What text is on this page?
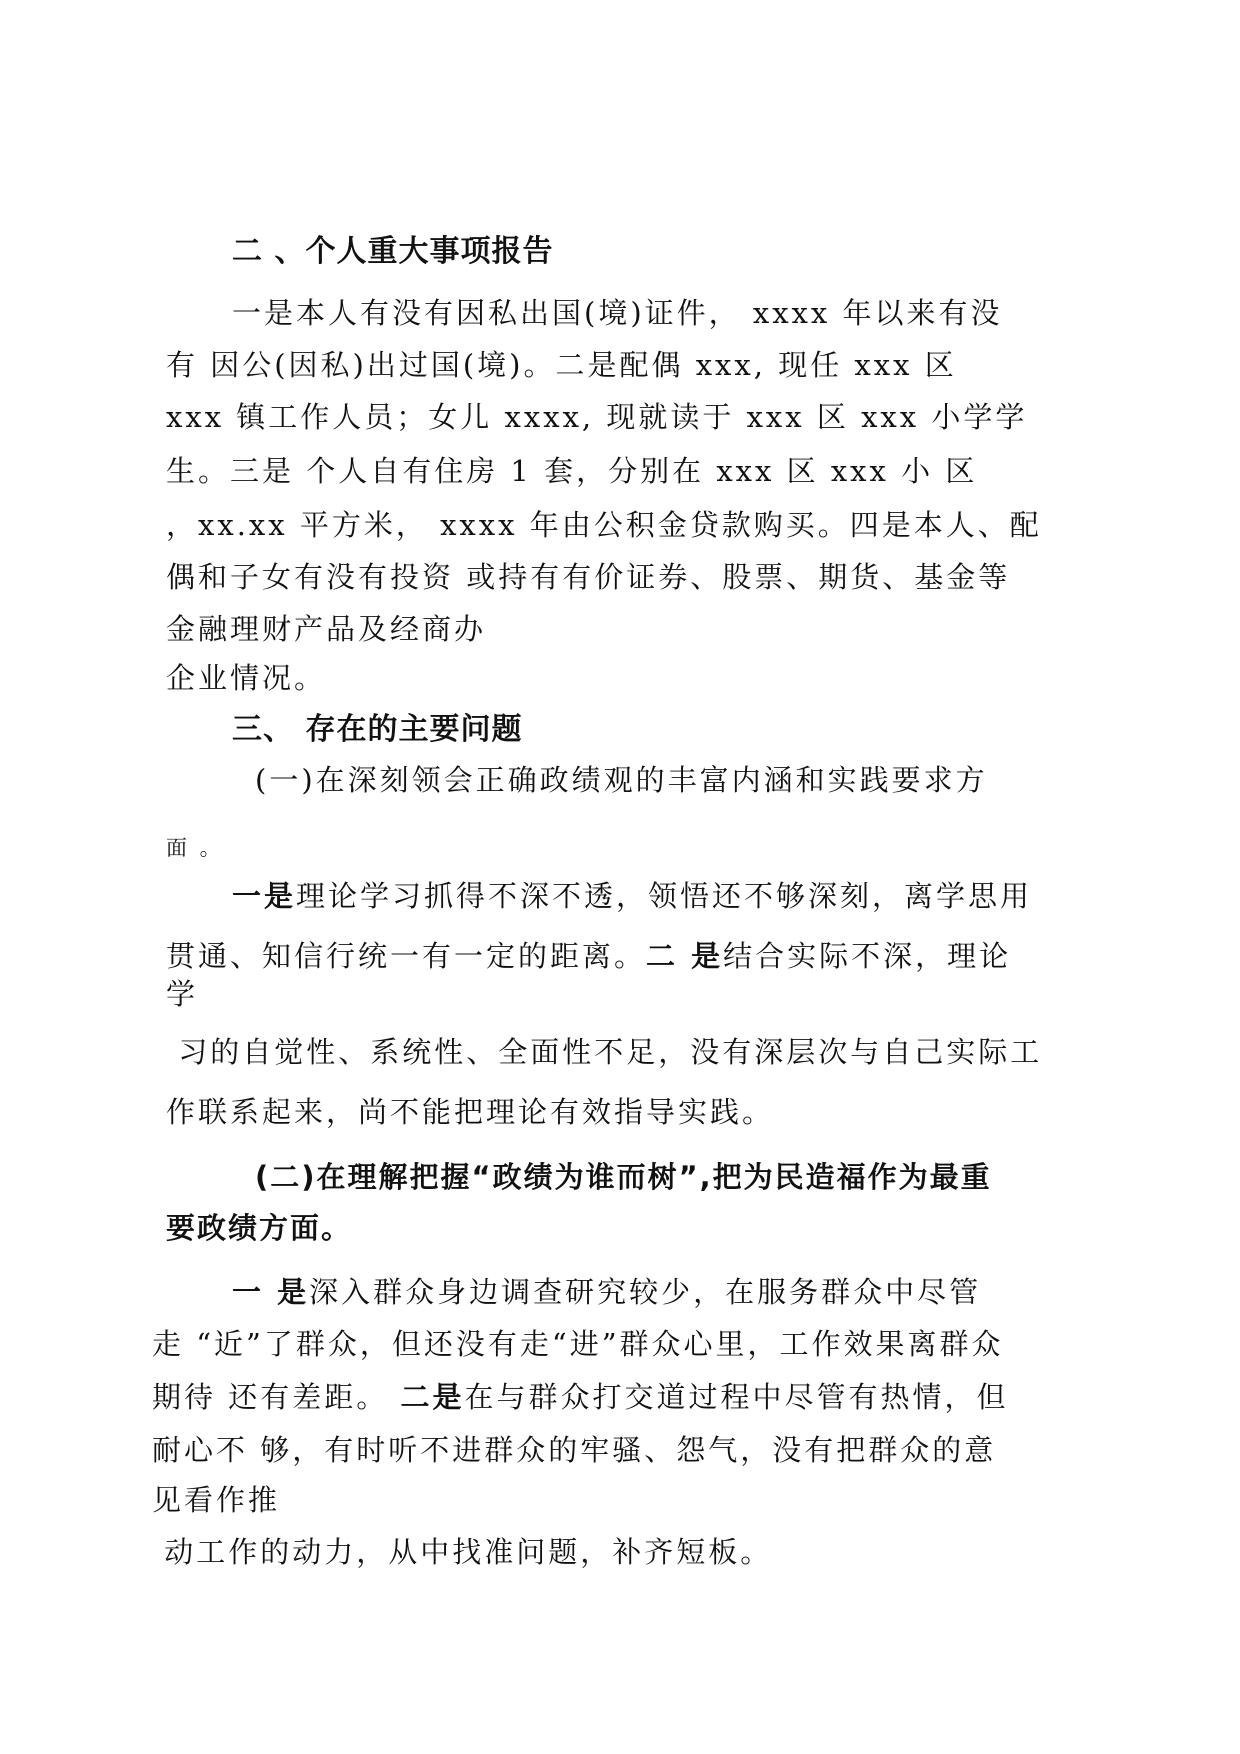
二 、个人重大事项报告
一是本人有没有因私出国(境)证件， xxxx 年以来有没
有 因公(因私)出过国(境)。二是配偶 xxx, 现任 xxx 区
xxx 镇工作人员；女儿 xxxx, 现就读于 xxx 区 xxx 小学学
生。三是 个人自有住房 1 套，分别在 xxx 区 xxx 小 区
，xx.xx 平方米， xxxx 年由公积金贷款购买。四是本人、配
偶和子女有没有投资 或持有有价证券、股票、期货、基金等
金融理财产品及经商办
企业情况。
三、 存在的主要问题
(一)在深刻领会正确政绩观的丰富内涵和实践要求方
面 。
一是理论学习抓得不深不透，领悟还不够深刻，离学思用
贯通、知信行统一有一定的距离。二 是结合实际不深，理论
学
习的自觉性、系统性、全面性不足，没有深层次与自己实际工
作联系起来，尚不能把理论有效指导实践。
(二)在理解把握“政绩为谁而树”,把为民造福作为最重
要政绩方面。
一 是深入群众身边调查研究较少，在服务群众中尽管
走 “近”了群众，但还没有走“进”群众心里，工作效果离群众
期待 还有差距。 二是在与群众打交道过程中尽管有热情，但
耐心不 够，有时听不进群众的牢骚、怨气，没有把群众的意
见看作推
动工作的动力，从中找准问题，补齐短板。
